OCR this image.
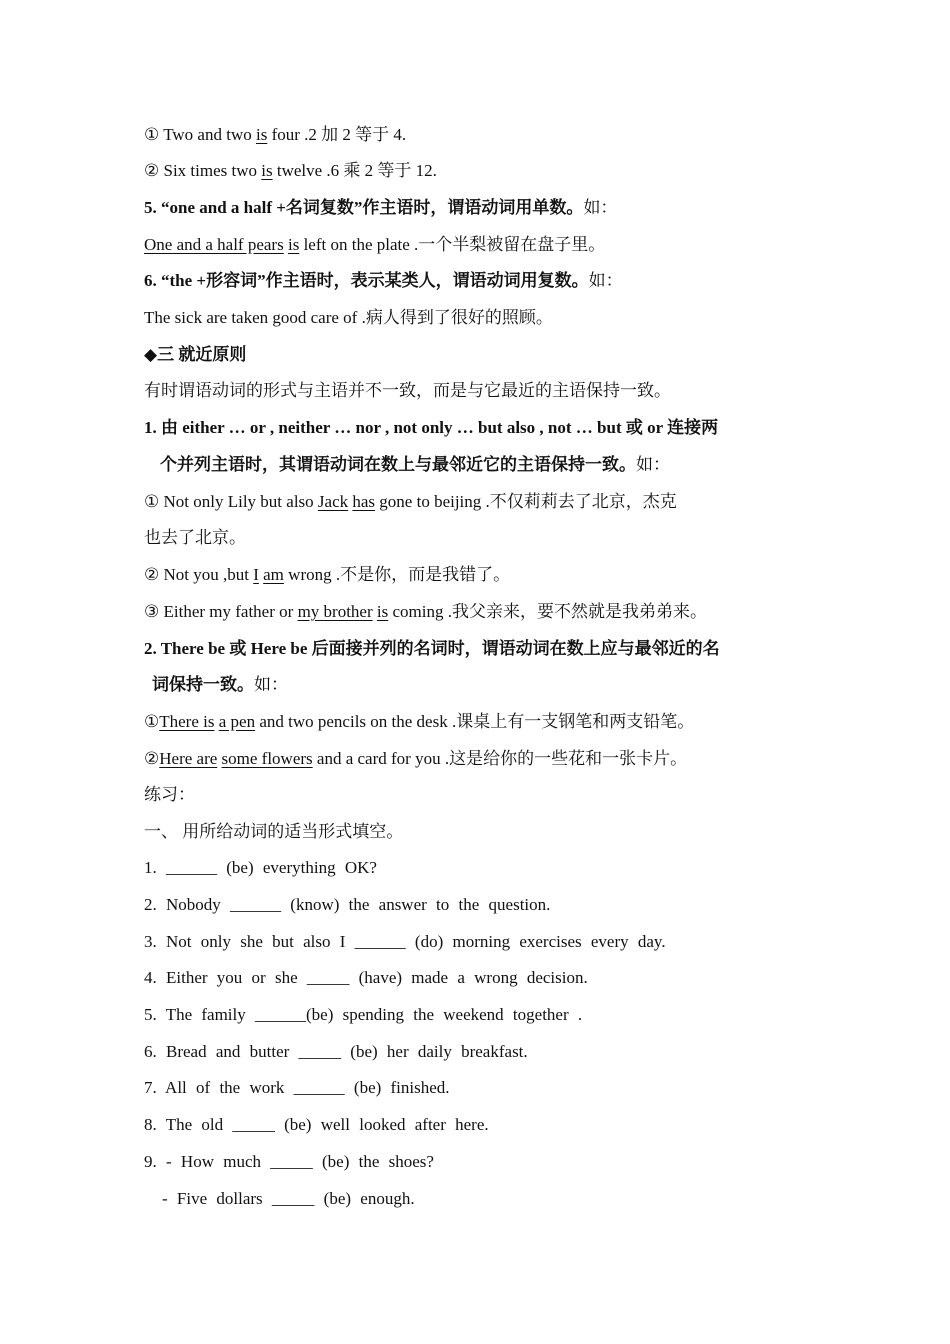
① Two and two is four .2 加 2 等于 4.
② Six times two is twelve .6 乘 2 等于 12.
5. “one and a half +名词复数”作主语时，谓语动词用单数。如：
One and a half pears is left on the plate .一个半梨被留在盘子里。
6. “the +形容词”作主语时，表示某类人，谓语动词用复数。如：
The sick are taken good care of .病人得到了很好的照顾。
◆三 就近原则
有时谓语动词的形式与主语并不一致，而是与它最近的主语保持一致。
1. 由 either … or , neither … nor , not only … but also , not … but 或 or 连接两
个并列主语时，其谓语动词在数上与最邻近它的主语保持一致。如：
① Not only Lily but also Jack has gone to beijing .不仅莉莉去了北京，杰克
也去了北京。
② Not you ,but I am wrong .不是你，而是我错了。
③ Either my father or my brother is coming .我父亲来，要不然就是我弟弟来。
2. There be 或 Here be 后面接并列的名词时，谓语动词在数上应与最邻近的名
词保持一致。如：
①There is a pen and two pencils on the desk .课桌上有一支钢笔和两支铅笔。
②Here are some flowers and a card for you .这是给你的一些花和一张卡片。
练习：
一、 用所给动词的适当形式填空。
1. ______ (be) everything OK?
2. Nobody ______ (know) the answer to the question.
3. Not only she but also I ______ (do) morning exercises every day.
4. Either you or she _____ (have) made a wrong decision.
5. The family ______(be) spending the weekend together .
6. Bread and butter _____ (be) her daily breakfast.
7. All of the work ______ (be) finished.
8. The old _____ (be) well looked after here.
9. - How much _____ (be) the shoes?
- Five dollars _____ (be) enough.
